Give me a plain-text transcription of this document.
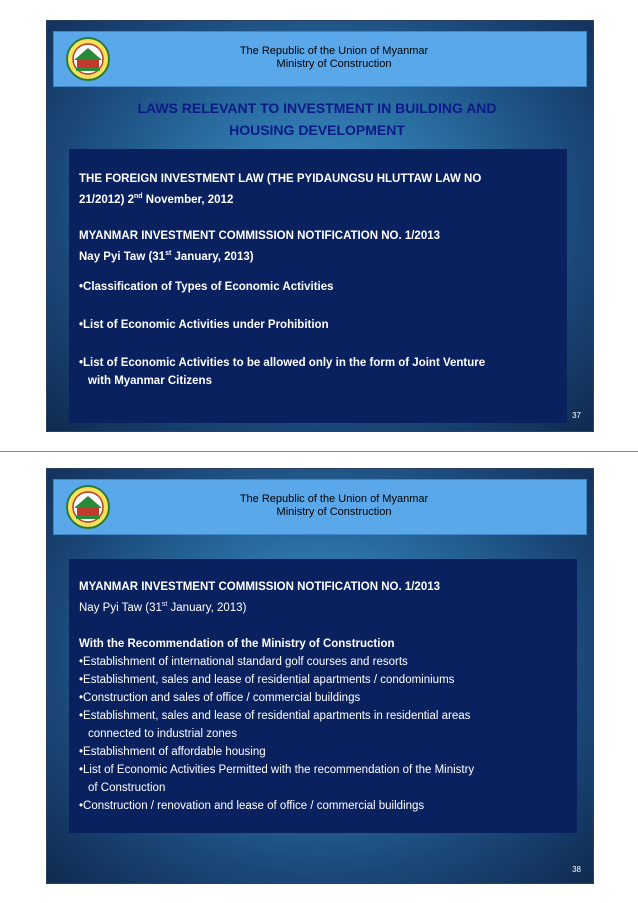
The Republic of the Union of Myanmar
Ministry of Construction
LAWS RELEVANT TO INVESTMENT IN BUILDING AND
HOUSING DEVELOPMENT

THE FOREIGN INVESTMENT LAW (THE PYIDAUNGSU HLUTTAW LAW NO
21/2012) 2nd November, 2012

MYANMAR INVESTMENT COMMISSION NOTIFICATION NO. 1/2013
Nay Pyi Taw (31st January, 2013)

•Classification of Types of Economic Activities

•List of Economic Activities under Prohibition

•List of Economic Activities to be allowed only in the form of Joint Venture
with Myanmar Citizens

37
The Republic of the Union of Myanmar
Ministry of Construction

MYANMAR INVESTMENT COMMISSION NOTIFICATION NO. 1/2013
Nay Pyi Taw (31st January, 2013)

With the Recommendation of the Ministry of Construction
•Establishment of international standard golf courses and resorts
•Establishment, sales and lease of residential apartments / condominiums
•Construction and sales of office / commercial buildings
•Establishment, sales and lease of residential apartments in residential areas
connected to industrial zones
•Establishment of affordable housing
•List of Economic Activities Permitted with the recommendation of the Ministry
of Construction
•Construction / renovation and lease of office / commercial buildings

38
